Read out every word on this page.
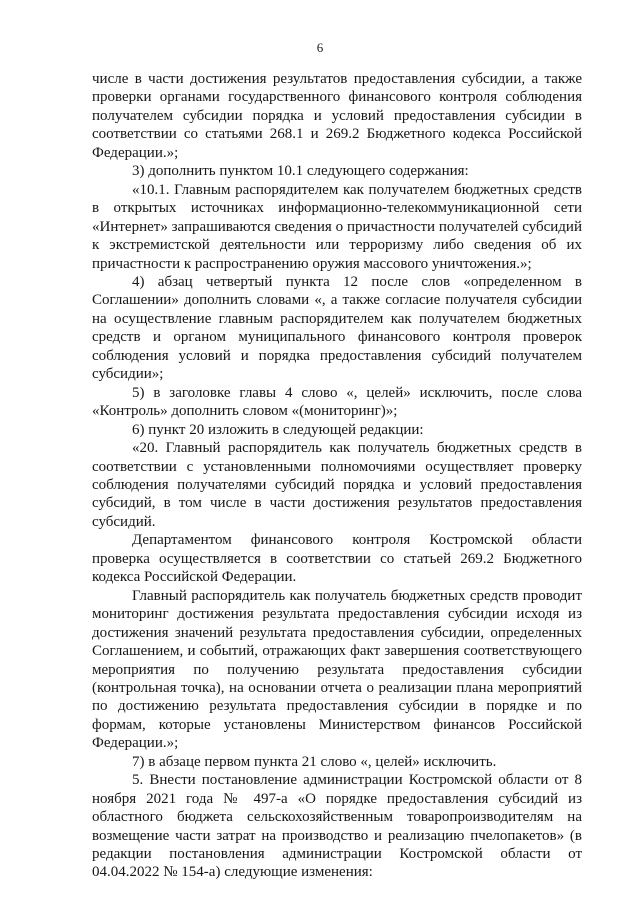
6

числе в части достижения результатов предоставления субсидии, а также проверки органами государственного финансового контроля соблюдения получателем субсидии порядка и условий предоставления субсидии в соответствии со статьями 268.1 и 269.2 Бюджетного кодекса Российской Федерации.»;

3) дополнить пунктом 10.1 следующего содержания:

«10.1. Главным распорядителем как получателем бюджетных средств в открытых источниках информационно-телекоммуникационной сети «Интернет» запрашиваются сведения о причастности получателей субсидий к экстремистской деятельности или терроризму либо сведения об их причастности к распространению оружия массового уничтожения.»;

4) абзац четвертый пункта 12 после слов «определенном в Соглашении» дополнить словами «, а также согласие получателя субсидии на осуществление главным распорядителем как получателем бюджетных средств и органом муниципального финансового контроля проверок соблюдения условий и порядка предоставления субсидий получателем субсидии»;

5) в заголовке главы 4 слово «, целей» исключить, после слова «Контроль» дополнить словом «(мониторинг)»;

6) пункт 20 изложить в следующей редакции:

«20. Главный распорядитель как получатель бюджетных средств в соответствии с установленными полномочиями осуществляет проверку соблюдения получателями субсидий порядка и условий предоставления субсидий, в том числе в части достижения результатов предоставления субсидий.

Департаментом финансового контроля Костромской области проверка осуществляется в соответствии со статьей 269.2 Бюджетного кодекса Российской Федерации.

Главный распорядитель как получатель бюджетных средств проводит мониторинг достижения результата предоставления субсидии исходя из достижения значений результата предоставления субсидии, определенных Соглашением, и событий, отражающих факт завершения соответствующего мероприятия по получению результата предоставления субсидии (контрольная точка), на основании отчета о реализации плана мероприятий по достижению результата предоставления субсидии в порядке и по формам, которые установлены Министерством финансов Российской Федерации.»;

7) в абзаце первом пункта 21 слово «, целей» исключить.

5. Внести постановление администрации Костромской области от 8 ноября 2021 года № 497-а «О порядке предоставления субсидий из областного бюджета сельскохозяйственным товаропроизводителям на возмещение части затрат на производство и реализацию пчелопакетов» (в редакции постановления администрации Костромской области от 04.04.2022 № 154-а) следующие изменения:
